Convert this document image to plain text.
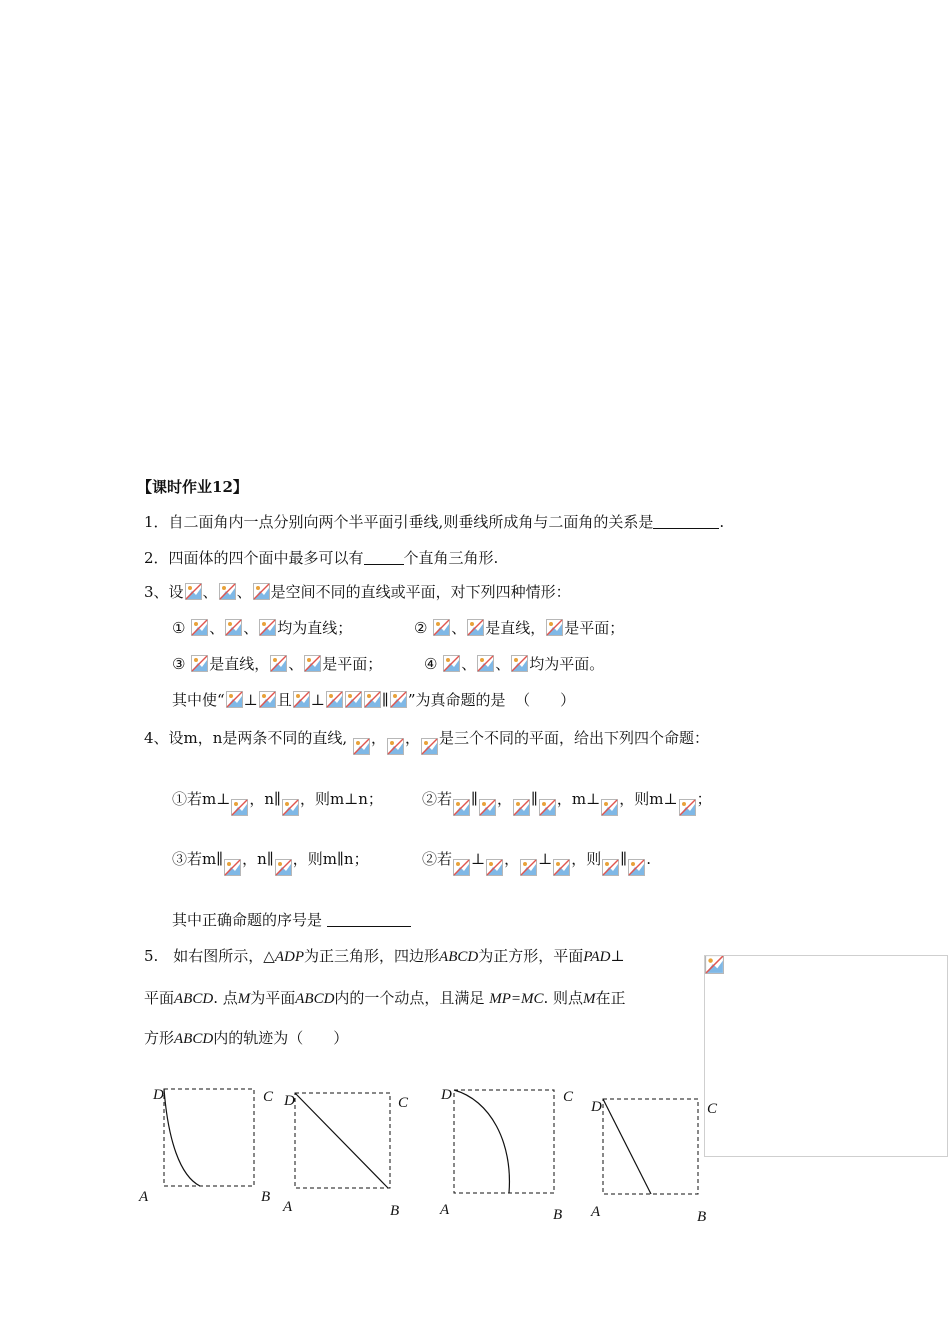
【课时作业12】
1．自二面角内一点分别向两个半平面引垂线,则垂线所成角与二面角的关系是	.
2．四面体的四个面中最多可以有	个直角三角形.
3、设 、 、 是空间不同的直线或平面，对下列四种情形：
① 、 、 均为直线；	② 、 是直线， 是平面；
③ 是直线， 、 是平面；	④ 、 、 均为平面。
其中使“ ⊥ 且 ⊥	∥ ”为真命题的是 （　　）
4、设m，n是两条不同的直线, ， ， 是三个不同的平面，给出下列四个命题：
①若m⊥ ，n∥ ，则m⊥n；	②若 ∥ ， ∥ ，m⊥ ，则m⊥ ；
③若m∥ ，n∥ ，则m∥n；	②若 ⊥ ， ⊥ ，则 ∥ .
其中正确命题的序号是
5.　如右图所示，△ADP为正三角形，四边形ABCD为正方形，平面PAD⊥
平面ABCD. 点M为平面ABCD内的一个动点，且满足 MP=MC. 则点M在正
方形ABCD内的轨迹为（　　）
D	C
A	B
D	C
A	B
D	C
A	B
D	C
A	B
